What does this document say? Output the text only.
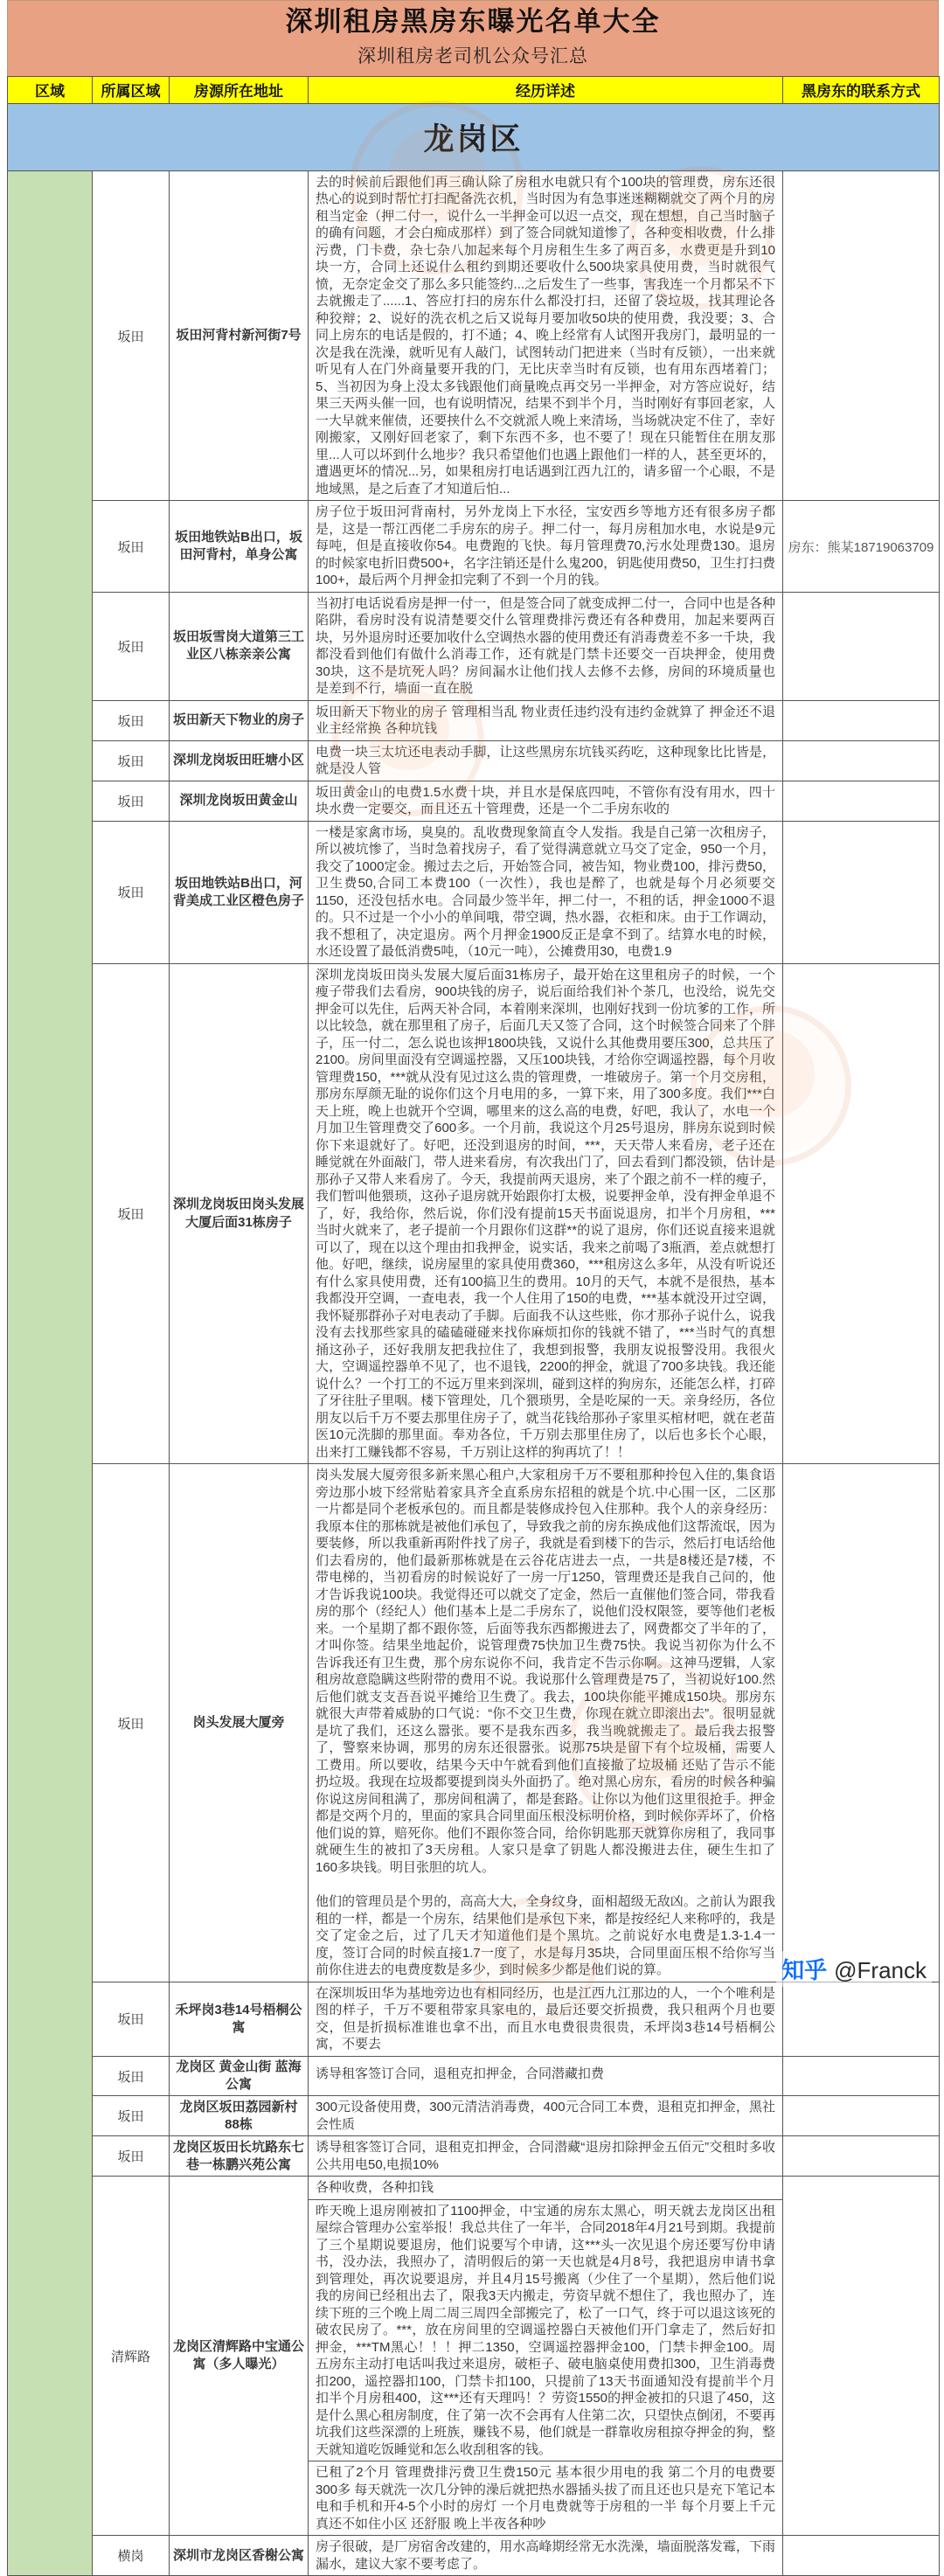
深圳租房黑房东曝光名单大全
深圳租房老司机公众号汇总
区域	所属区域	房源所在地址	经历详述	黑房东的联系方式
龙岗区				
	坂田	坂田河背村新河街7号	去的时候前后跟他们再三确认除了房租水电就只有个100块的管理费，房东还很热心的说到时帮忙打扫配备洗衣机，当时因为有急事迷迷糊糊就交了两个月的房租当定金（押二付一，说什么一半押金可以迟一点交，现在想想，自己当时脑子的确有问题，才会白痴成那样）到了签合同就知道惨了，各种变相收费，什么排污费，门卡费，杂七杂八加起来每个月房租生生多了两百多，水费更是升到10块一方，合同上还说什么租约到期还要收什么500块家具使用费，当时就很气愤，无奈定金交了那么多只能签约...之后发生了一些事，害我连一个月都呆不下去就搬走了......1、答应打扫的房东什么都没打扫，还留了袋垃圾，找其理论各种狡辩；2、说好的洗衣机之后又说每月要加收50块的使用费，我没要；3、合同上房东的电话是假的，打不通；4、晚上经常有人试图开我房门，最明显的一次是我在洗澡，就听见有人敲门，试图转动门把进来（当时有反锁），一出来就听见有人在门外商量要开我的门，无比庆幸当时有反锁，也有用东西堵着门；5、当初因为身上没太多钱跟他们商量晚点再交另一半押金，对方答应说好，结果三天两头催一回，也有说明情况，结果不到半个月，当时刚好有事回老家，人一大早就来催债，还要挟什么不交就派人晚上来清场，当场就决定不住了，幸好刚搬家，又刚好回老家了，剩下东西不多，也不要了！现在只能暂住在朋友那里...人可以坏到什么地步？我只希望他们也遇上跟他们一样的人，甚至更坏的，遭遇更坏的情况...另，如果租房打电话遇到江西九江的，请多留一个心眼，不是地域黑，是之后查了才知道后怕...	

	坂田	坂田地铁站B出口，坂田河背村，单身公寓	房子位于坂田河背南村，另外龙岗上下水径，宝安西乡等地方还有很多房子都是，这是一帮江西佬二手房东的房子。押二付一，每月房租加水电，水说是9元每吨，但是直接收你54。电费跑的飞快。每月管理费70,污水处理费130。退房的时候家电折旧费500+，名字注销还是什么鬼200，钥匙使用费50，卫生打扫费100+，最后两个月押金扣完剩了不到一个月的钱。	房东：熊某18719063709
	坂田	坂田坂雪岗大道第三工业区八栋亲亲公寓	当初打电话说看房是押一付一，但是签合同了就变成押二付一，合同中也是各种陷阱，看房时没有说清楚要交什么管理费排污费还有各种费用，加起来要两百块，另外退房时还要加收什么空调热水器的使用费还有消毒费差不多一千块，我都没看到他们有做什么消毒工作，还有就是门禁卡还要交一百块押金，使用费30块，这不是坑死人吗？房间漏水让他们找人去修不去修，房间的环境质量也是差到不行，墙面一直在脱	

	坂田	坂田新天下物业的房子	坂田新天下物业的房子 管理相当乱 物业责任违约没有违约金就算了 押金还不退 业主经常换 各种坑钱	

	坂田	深圳龙岗坂田旺塘小区	电费一块三太坑还电表动手脚，让这些黑房东坑钱买药吃，这种现象比比皆是，就是没人管	

	坂田	深圳龙岗坂田黄金山	坂田黄金山的电费1.5水费十块，并且水是保底四吨，不管你有没有用水，四十块水费一定要交，而且还五十管理费，还是一个二手房东收的	

	坂田	坂田地铁站B出口，河背美成工业区橙色房子	一楼是家禽市场，臭臭的。乱收费现象简直令人发指。我是自己第一次租房子，所以被坑惨了，当时急着找房子，看了觉得满意就立马交了定金，950一个月，我交了1000定金。搬过去之后，开始签合同，被告知，物业费100，排污费50，卫生费50,合同工本费100（一次性），我也是醉了，也就是每个月必须要交1150，还没包括水电。合同最少签半年，押二付一，不租的话，押金1000不退的。只不过是一个小小的单间哦，带空调，热水器，衣柜和床。由于工作调动，我不想租了，决定退房。两个月押金1900反正是拿不到了。结算水电的时候，水还设置了最低消费5吨，（10元一吨），公摊费用30，电费1.9	

	坂田	深圳龙岗坂田岗头发展大厦后面31栋房子	深圳龙岗坂田岗头发展大厦后面31栋房子，最开始在这里租房子的时候，一个瘦子带我们去看房，900块钱的房子，说后面给我们补个茶几，也没给，说先交押金可以先住，后两天补合同，本着刚来深圳，也刚好找到一份坑爹的工作，所以比较急，就在那里租了房子，后面几天又签了合同，这个时候签合同来了个胖子，压一付二，怎么说也该押1800块钱，又说什么其他费用要压300，总共压了2100。房间里面没有空调遥控器，又压100块钱，才给你空调遥控器，每个月收管理费150，***就从没有见过这么贵的管理费，一堆破房子。第一个月交房租，那房东厚颜无耻的说你们这个月电用的多，一算下来，用了300多度。我们***白天上班，晚上也就开个空调，哪里来的这么高的电费，好吧，我认了，水电一个月加卫生管理费交了600多。一个月前，我说这个月25号退房，胖房东说到时候你下来退就好了。好吧，还没到退房的时间，***，天天带人来看房，老子还在睡觉就在外面敲门，带人进来看房，有次我出门了，回去看到门都没锁，估计是那孙子又带人来看房了。今天，我提前两天退房，来了个跟之前不一样的瘦子，我们暂叫他猥琐，这孙子退房就开始跟你打太极，说要押金单，没有押金单退不了，好，我给你，然后说，你们没有提前15天书面说退房，扣半个月房租，***当时火就来了，老子提前一个月跟你们这群**的说了退房，你们还说直接来退就可以了，现在以这个理由扣我押金，说实话，我来之前喝了3瓶酒，差点就想打他。好吧，继续，说房屋里的家具使用费360，***租房这么多年，从没有听说还有什么家具使用费，还有100搞卫生的费用。10月的天气，本就不是很热，基本我都没开空调，一查电表，我一个人住用了150的电费，***基本就没开过空调，我怀疑那群孙子对电表动了手脚。后面我不认这些账，你才那孙子说什么，说我没有去找那些家具的磕磕碰碰来找你麻烦扣你的钱就不错了，***当时气的真想捅这孙子，还好我朋友把我拉住了，我想到报警，我朋友说报警没用。我很火大，空调遥控器单不见了，也不退钱，2200的押金，就退了700多块钱。我还能说什么？一个打工的不远万里来到深圳，碰到这样的狗房东，还能怎么样，打碎了牙往肚子里咽。楼下管理处，几个猥琐男，全是吃屎的一天。亲身经历，各位朋友以后千万不要去那里住房子了，就当花钱给那孙子家里买棺材吧，就在老苗医10元洗脚的那里面。奉劝各位，千万别去那里住房了，以后也多长个心眼，出来打工赚钱都不容易，千万别让这样的狗再坑了！！	

	坂田	岗头发展大厦旁	岗头发展大厦旁很多新来黑心租户,大家租房千万不要租那种拎包入住的,集食语旁边那小坡下经常贴着家具齐全直系房东招租的就是个坑.中心围一区，二区那一片都是同个老板承包的。而且都是装修成拎包入住那种。我个人的亲身经历：我原本住的那栋就是被他们承包了，导致我之前的房东换成他们这帮流氓，因为要装修，所以我重新再附件找了房子，我就是看到楼下的告示，然后打电话给他们去看房的，他们最新那栋就是在云谷花店进去一点，一共是8楼还是7楼，不带电梯的，当初看房的时候说好了一房一厅1250，管理费还是我自己问的，他才告诉我说100块。我觉得还可以就交了定金，然后一直催他们签合同，带我看房的那个（经纪人）他们基本上是二手房东了，说他们没权限签，要等他们老板来。一个星期了都不跟你签，后面等我东西都搬进去了，网费都交了半年的了，才叫你签。结果坐地起价，说管理费75快加卫生费75快。我说当初你为什么不告诉我还有卫生费，那个房东说你不问，我肯定不告示你啊。这神马逻辑，人家租房故意隐瞒这些附带的费用不说。我说那什么管理费是75了，当初说好100.然后他们就支支吾吾说平摊给卫生费了。我去，100块你能平摊成150块。那房东就很大声带着威胁的口气说：“你不交卫生费，你现在就立即滚出去”。很明显就是坑了我们，还这么嚣张。要不是我东西多，我当晚就搬走了。最后我去报警了，警察来协调，那男的房东还很嚣张。说那75块是留下有个垃圾桶，需要人工费用。所以要收，结果今天中午就看到他们直接撤了垃圾桶 还贴了告示不能扔垃圾。我现在垃圾都要提到岗头外面扔了。绝对黑心房东，看房的时候各种骗你说这房间租满了，那房间租满了，都是套路。让你以为他们这里很抢手。押金都是交两个月的，里面的家具合同里面压根没标明价格，到时候你弄坏了，价格他们说的算，赔死你。他们不跟你签合同，给你钥匙那天就算你房租了，我同事就硬生生的被扣了3天房租。人家只是拿了钥匙人都没搬进去住，硬生生扣了160多块钱。明目张胆的坑人。

他们的管理员是个男的，高高大大，全身纹身，面相超级无敌凶。之前认为跟我租的一样，都是一个房东，结果他们是承包下来，都是按经纪人来称呼的，我是交了定金之后，过了几天才知道他们是个黑坑。之前说好水电费是1.3-1.4一度，签订合同的时候直接1.7一度了，水是每月35块，合同里面压根不给你写当前你住进去的电费度数是多少，到时候多少都是他们说的算。	

	坂田	禾坪岗3巷14号梧桐公寓	在深圳坂田华为基地旁边也有相同经历，也是江西九江那边的人，一个个唯利是图的样子，千万不要租带家具家电的，最后还要交折损费，我只租两个月也要交，但是折损标准谁也拿不出，而且水电费很贵很贵，禾坪岗3巷14号梧桐公寓，不要去	

	坂田	龙岗区 黄金山街 蓝海公寓	诱导租客签订合同，退租克扣押金，合同潜藏扣费	

	坂田	龙岗区坂田荔园新村88栋	300元设备使用费，300元清洁消毒费，400元合同工本费，退租克扣押金，黑社会性质	

	坂田	龙岗区坂田长坑路东七巷一栋鹏兴苑公寓	诱导租客签订合同，退租克扣押金，合同潜藏“退房扣除押金五佰元”交租时多收公共用电50,电损10%	

	清辉路	龙岗区清辉路中宝通公寓（多人曝光）	各种收费，各种扣钱

昨天晚上退房刚被扣了1100押金，中宝通的房东太黑心，明天就去龙岗区出租屋综合管理办公室举报！我总共住了一年半，合同2018年4月21号到期。我提前了三个星期说要退房，他们说要写个申请，这***头一次见退个房还要写份申请书，没办法，我照办了，清明假后的第一天也就是4月8号，我把退房申请书拿到管理处，再次说要退房，并且4月15号搬离（少住了一个星期），然后他们说我的房间已经租出去了，限我3天内搬走，劳资早就不想住了，我也照办了，连续下班的三个晚上周二周三周四全部搬完了，松了一口气，终于可以退这该死的破农民房了。***，放在房间里的空调遥控器白天被他们开门拿走了，然后好扣押金，***TM黑心！！！押二1350，空调遥控器押金100，门禁卡押金100。周五房东主动打电话叫我过来退房，破柜子、破电脑桌使用费扣300，卫生消毒费扣200，遥控器扣100，门禁卡扣100，只提前了13天书面通知没有提前半个月扣半个月房租400，这***还有天理吗！？劳资1550的押金被扣的只退了450，这是什么黑心租房制度，住了第一次不会再有人住第二次，只望快点倒闭，不要再坑我们这些深漂的上班族，赚钱不易，他们就是一群靠收房租掠夺押金的狗，整天就知道吃饭睡觉和怎么收刮租客的钱。

已租了2个月 管理费排污费卫生费150元 基本很少用电的我 第二个月的电费要300多 每天就洗一次几分钟的澡后就把热水器插头拔了而且还也只是充下笔记本电和手机和开4-5个小时的房灯 一个月电费就等于房租的一半 每个月要上千元 真还不如住小区 还舒服 晚上半夜各种吵	

	横岗	深圳市龙岗区香榭公寓	房子很破，是厂房宿舍改建的，用水高峰期经常无水洗澡，墙面脱落发霉，下雨漏水，建议大家不要考虑了。	

知乎 @Franck
